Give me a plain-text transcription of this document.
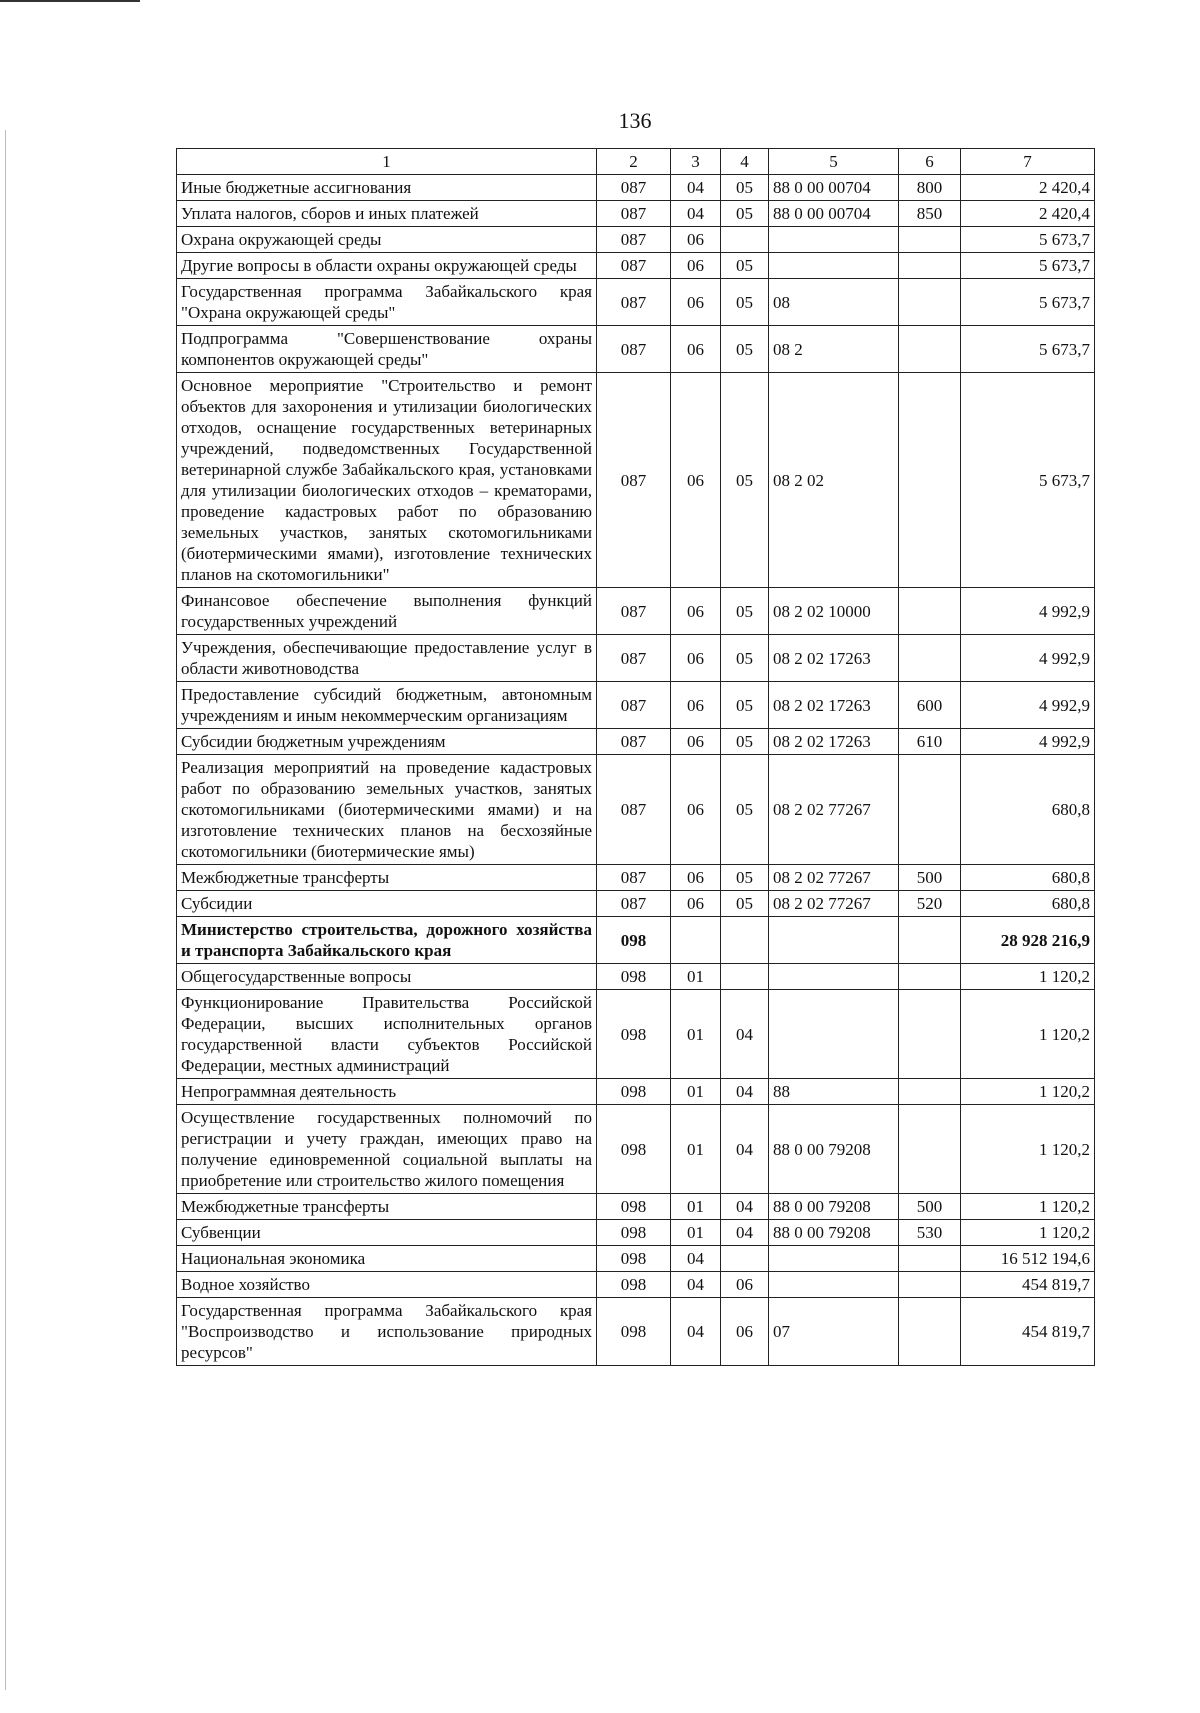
136
1	2	3	4	5	6	7
Иные бюджетные ассигнования	087	04	05	88 0 00 00704	800	2 420,4
Уплата налогов, сборов и иных платежей	087	04	05	88 0 00 00704	850	2 420,4
Охрана окружающей среды	087	06				5 673,7
Другие вопросы в области охраны окружающей среды	087	06	05			5 673,7
Государственная программа Забайкальского края "Охрана окружающей среды"	087	06	05	08		5 673,7
Подпрограмма "Совершенствование охраны компонентов окружающей среды"	087	06	05	08 2		5 673,7
Основное мероприятие "Строительство и ремонт объектов для захоронения и утилизации биологических отходов, оснащение государственных ветеринарных учреждений, подведомственных Государственной ветеринарной службе Забайкальского края, установками для утилизации биологических отходов – крематорами, проведение кадастровых работ по образованию земельных участков, занятых скотомогильниками (биотермическими ямами), изготовление технических планов на скотомогильники"	087	06	05	08 2 02		5 673,7
Финансовое обеспечение выполнения функций государственных учреждений	087	06	05	08 2 02 10000		4 992,9
Учреждения, обеспечивающие предоставление услуг в области животноводства	087	06	05	08 2 02 17263		4 992,9
Предоставление субсидий бюджетным, автономным учреждениям и иным некоммерческим организациям	087	06	05	08 2 02 17263	600	4 992,9
Субсидии бюджетным учреждениям	087	06	05	08 2 02 17263	610	4 992,9
Реализация мероприятий на проведение кадастровых работ по образованию земельных участков, занятых скотомогильниками (биотермическими ямами) и на изготовление технических планов на бесхозяйные скотомогильники (биотермические ямы)	087	06	05	08 2 02 77267		680,8
Межбюджетные трансферты	087	06	05	08 2 02 77267	500	680,8
Субсидии	087	06	05	08 2 02 77267	520	680,8
Министерство строительства, дорожного хозяйства и транспорта Забайкальского края	098					28 928 216,9
Общегосударственные вопросы	098	01				1 120,2
Функционирование Правительства Российской Федерации, высших исполнительных органов государственной власти субъектов Российской Федерации, местных администраций	098	01	04			1 120,2
Непрограммная деятельность	098	01	04	88		1 120,2
Осуществление государственных полномочий по регистрации и учету граждан, имеющих право на получение единовременной социальной выплаты на приобретение или строительство жилого помещения	098	01	04	88 0 00 79208		1 120,2
Межбюджетные трансферты	098	01	04	88 0 00 79208	500	1 120,2
Субвенции	098	01	04	88 0 00 79208	530	1 120,2
Национальная экономика	098	04				16 512 194,6
Водное хозяйство	098	04	06			454 819,7
Государственная программа Забайкальского края "Воспроизводство и использование природных ресурсов"	098	04	06	07		454 819,7
